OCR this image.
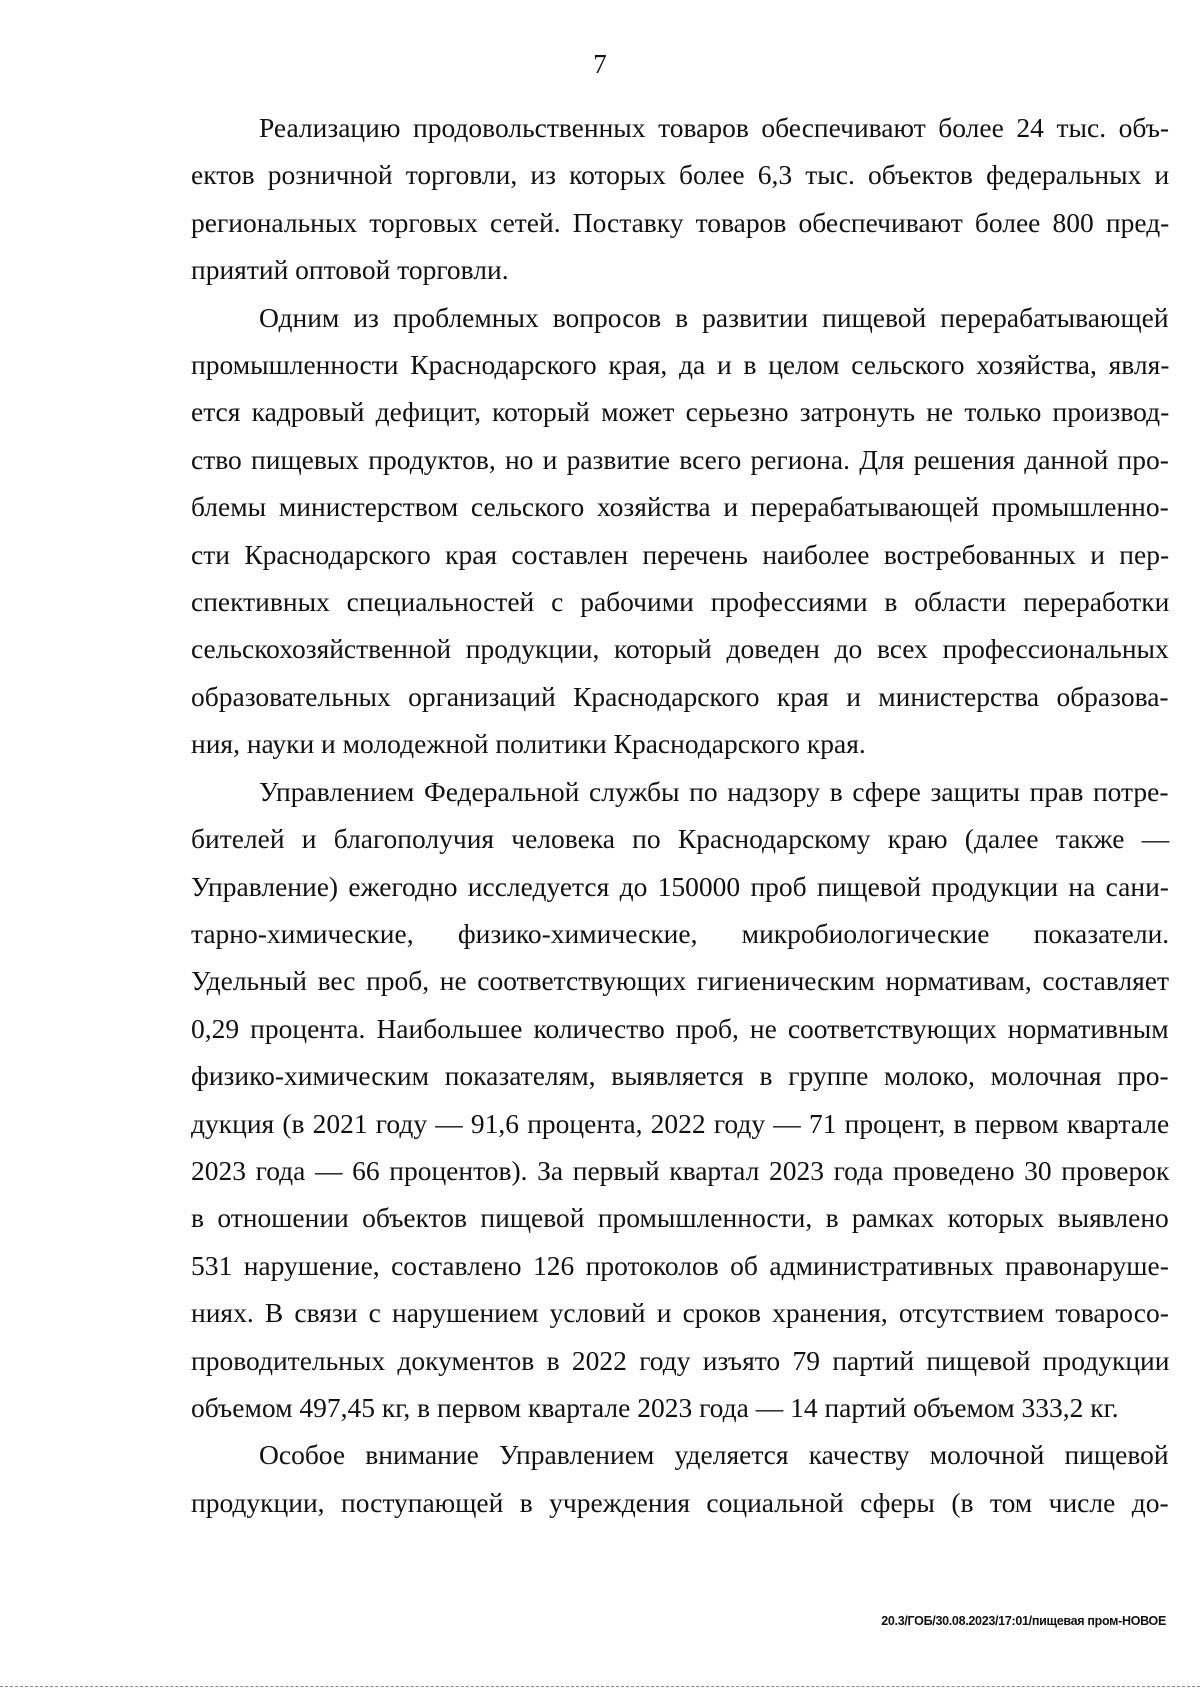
7
Реализацию продовольственных товаров обеспечивают более 24 тыс. объ-
ектов розничной торговли, из которых более 6,3 тыс. объектов федеральных и
региональных торговых сетей. Поставку товаров обеспечивают более 800 пред-
приятий оптовой торговли.
Одним из проблемных вопросов в развитии пищевой перерабатывающей
промышленности Краснодарского края, да и в целом сельского хозяйства, явля-
ется кадровый дефицит, который может серьезно затронуть не только производ-
ство пищевых продуктов, но и развитие всего региона. Для решения данной про-
блемы министерством сельского хозяйства и перерабатывающей промышленно-
сти Краснодарского края составлен перечень наиболее востребованных и пер-
спективных специальностей с рабочими профессиями в области переработки
сельскохозяйственной продукции, который доведен до всех профессиональных
образовательных организаций Краснодарского края и министерства образова-
ния, науки и молодежной политики Краснодарского края.
Управлением Федеральной службы по надзору в сфере защиты прав потре-
бителей и благополучия человека по Краснодарскому краю (далее также —
Управление) ежегодно исследуется до 150000 проб пищевой продукции на сани-
тарно-химические, физико-химические, микробиологические показатели.
Удельный вес проб, не соответствующих гигиеническим нормативам, составляет
0,29 процента. Наибольшее количество проб, не соответствующих нормативным
физико-химическим показателям, выявляется в группе молоко, молочная про-
дукция (в 2021 году — 91,6 процента, 2022 году — 71 процент, в первом квартале
2023 года — 66 процентов). За первый квартал 2023 года проведено 30 проверок
в отношении объектов пищевой промышленности, в рамках которых выявлено
531 нарушение, составлено 126 протоколов об административных правонаруше-
ниях. В связи с нарушением условий и сроков хранения, отсутствием товаросо-
проводительных документов в 2022 году изъято 79 партий пищевой продукции
объемом 497,45 кг, в первом квартале 2023 года — 14 партий объемом 333,2 кг.
Особое внимание Управлением уделяется качеству молочной пищевой
продукции, поступающей в учреждения социальной сферы (в том числе до-
20.3/ГОБ/30.08.2023/17:01/пищевая пром-НОВОЕ
